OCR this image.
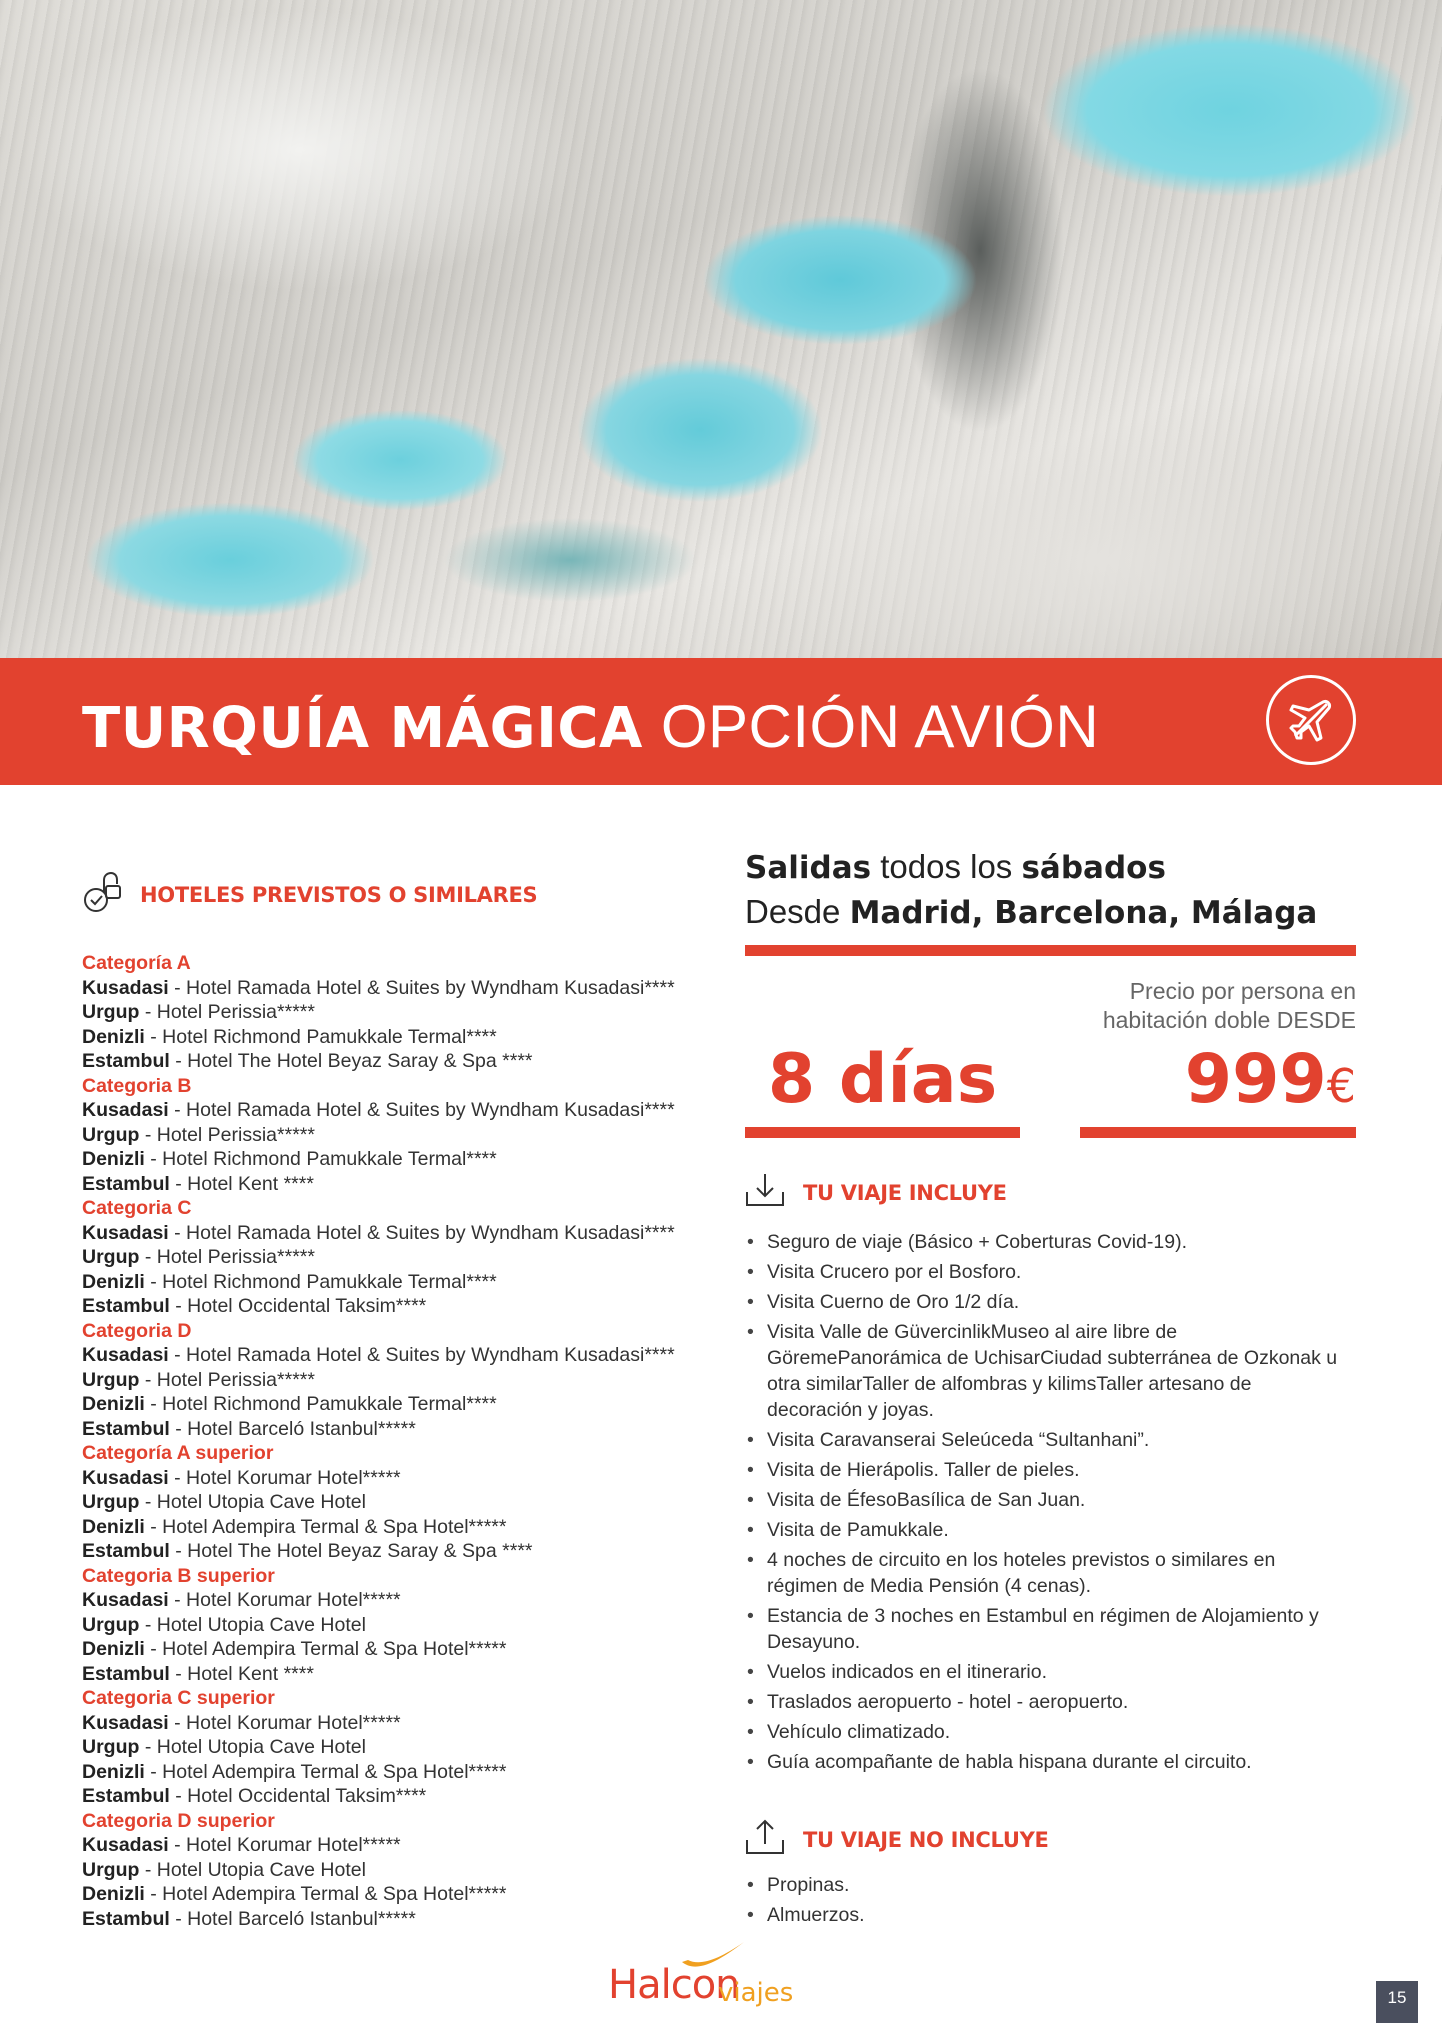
TURQUÍA MÁGICA OPCIÓN AVIÓN
HOTELES PREVISTOS O SIMILARES
Categoría A
Kusadasi - Hotel Ramada Hotel & Suites by Wyndham Kusadasi****
Urgup - Hotel Perissia*****
Denizli - Hotel Richmond Pamukkale Termal****
Estambul - Hotel The Hotel Beyaz Saray & Spa ****
Categoria B
Kusadasi - Hotel Ramada Hotel & Suites by Wyndham Kusadasi****
Urgup - Hotel Perissia*****
Denizli - Hotel Richmond Pamukkale Termal****
Estambul - Hotel Kent ****
Categoria C
Kusadasi - Hotel Ramada Hotel & Suites by Wyndham Kusadasi****
Urgup - Hotel Perissia*****
Denizli - Hotel Richmond Pamukkale Termal****
Estambul - Hotel Occidental Taksim****
Categoria D
Kusadasi - Hotel Ramada Hotel & Suites by Wyndham Kusadasi****
Urgup - Hotel Perissia*****
Denizli - Hotel Richmond Pamukkale Termal****
Estambul - Hotel Barceló Istanbul*****
Categoría A superior
Kusadasi - Hotel Korumar Hotel*****
Urgup - Hotel Utopia Cave Hotel
Denizli - Hotel Adempira Termal & Spa Hotel*****
Estambul - Hotel The Hotel Beyaz Saray & Spa ****
Categoria B superior
Kusadasi - Hotel Korumar Hotel*****
Urgup - Hotel Utopia Cave Hotel
Denizli - Hotel Adempira Termal & Spa Hotel*****
Estambul - Hotel Kent ****
Categoria C superior
Kusadasi - Hotel Korumar Hotel*****
Urgup - Hotel Utopia Cave Hotel
Denizli - Hotel Adempira Termal & Spa Hotel*****
Estambul - Hotel Occidental Taksim****
Categoria D superior
Kusadasi - Hotel Korumar Hotel*****
Urgup - Hotel Utopia Cave Hotel
Denizli - Hotel Adempira Termal & Spa Hotel*****
Estambul - Hotel Barceló Istanbul*****
Salidas todos los sábados
Desde Madrid, Barcelona, Málaga
Precio por persona en
habitación doble DESDE
8 días	999€
TU VIAJE INCLUYE
• Seguro de viaje (Básico + Coberturas Covid-19).
• Visita Crucero por el Bosforo.
• Visita Cuerno de Oro 1/2 día.
• Visita Valle de GüvercinlikMuseo al aire libre de GöremePanorámica de UchisarCiudad subterránea de Ozkonak u otra similarTaller de alfombras y kilimsTaller artesano de decoración y joyas.
• Visita Caravanserai Seleúceda “Sultanhani”.
• Visita de Hierápolis. Taller de pieles.
• Visita de ÉfesoBasílica de San Juan.
• Visita de Pamukkale.
• 4 noches de circuito en los hoteles previstos o similares en régimen de Media Pensión (4 cenas).
• Estancia de 3 noches en Estambul en régimen de Alojamiento y Desayuno.
• Vuelos indicados en el itinerario.
• Traslados aeropuerto - hotel - aeropuerto.
• Vehículo climatizado.
• Guía acompañante de habla hispana durante el circuito.
TU VIAJE NO INCLUYE
• Propinas.
• Almuerzos.
Halcon
viajes	15
